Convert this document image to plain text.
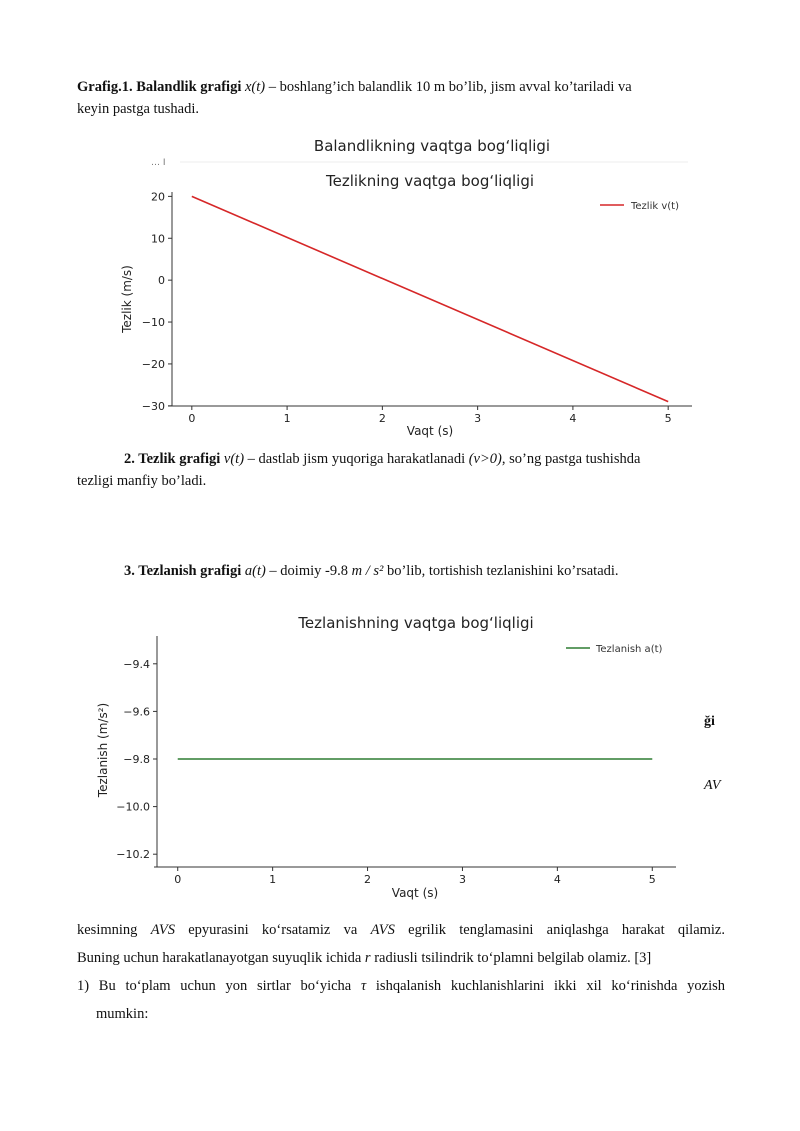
Grafig.1. Balandlik grafigi x(t) – boshlang’ich balandlik 10 m bo’lib, jism avval ko’tariladi va
keyin pastga tushadi.
Balandlikning vaqtga bog‘liqligi
… I
Tezlikning vaqtga bog‘liqligi
0	1	2	3	4	5
20
10
0
−10
−20
−30
Tezlik v(t)
Vaqt (s)
Tezlik (m/s)
2. Tezlik grafigi v(t) – dastlab jism yuqoriga harakatlanadi (v>0), so’ng pastga tushishda
tezligi manfiy bo’ladi.
3. Tezlanish grafigi a(t) – doimiy -9.8 m / s² bo’lib, tortishish tezlanishini ko’rsatadi.
Tezlanishning vaqtga bog‘liqligi
0	1	2	3	4	5
−9.4
−9.6
−9.8
−10.0
−10.2
Tezlanish a(t)
Vaqt (s)
Tezlanish (m/s²)	ği
AV
kesimning AVS epyurasini ko‘rsatamiz va AVS egrilik tenglamasini aniqlashga harakat qilamiz.
Buning uchun harakatlanayotgan suyuqlik ichida r radiusli tsilindrik to‘plamni belgilab olamiz. [3]
1) Bu to‘plam uchun yon sirtlar bo‘yicha τ ishqalanish kuchlanishlarini ikki xil ko‘rinishda yozish
mumkin:
